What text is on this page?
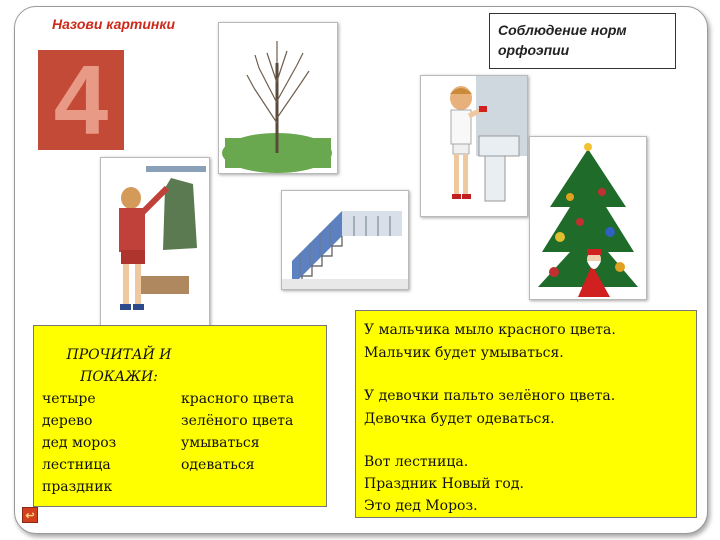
Назови картинки	Соблюдение норм
орфоэпии
4
ПРОЧИТАЙ И
ПОКАЖИ:
четыре
дерево
дед мороз
лестница
праздник
красного цвета
зелёного цвета
умываться
одеваться
У мальчика мыло красного цвета.
Мальчик будет умываться.
У девочки пальто зелёного цвета.
Девочка будет одеваться.
Вот лестница.
Праздник Новый год.
Это дед Мороз.
↩
